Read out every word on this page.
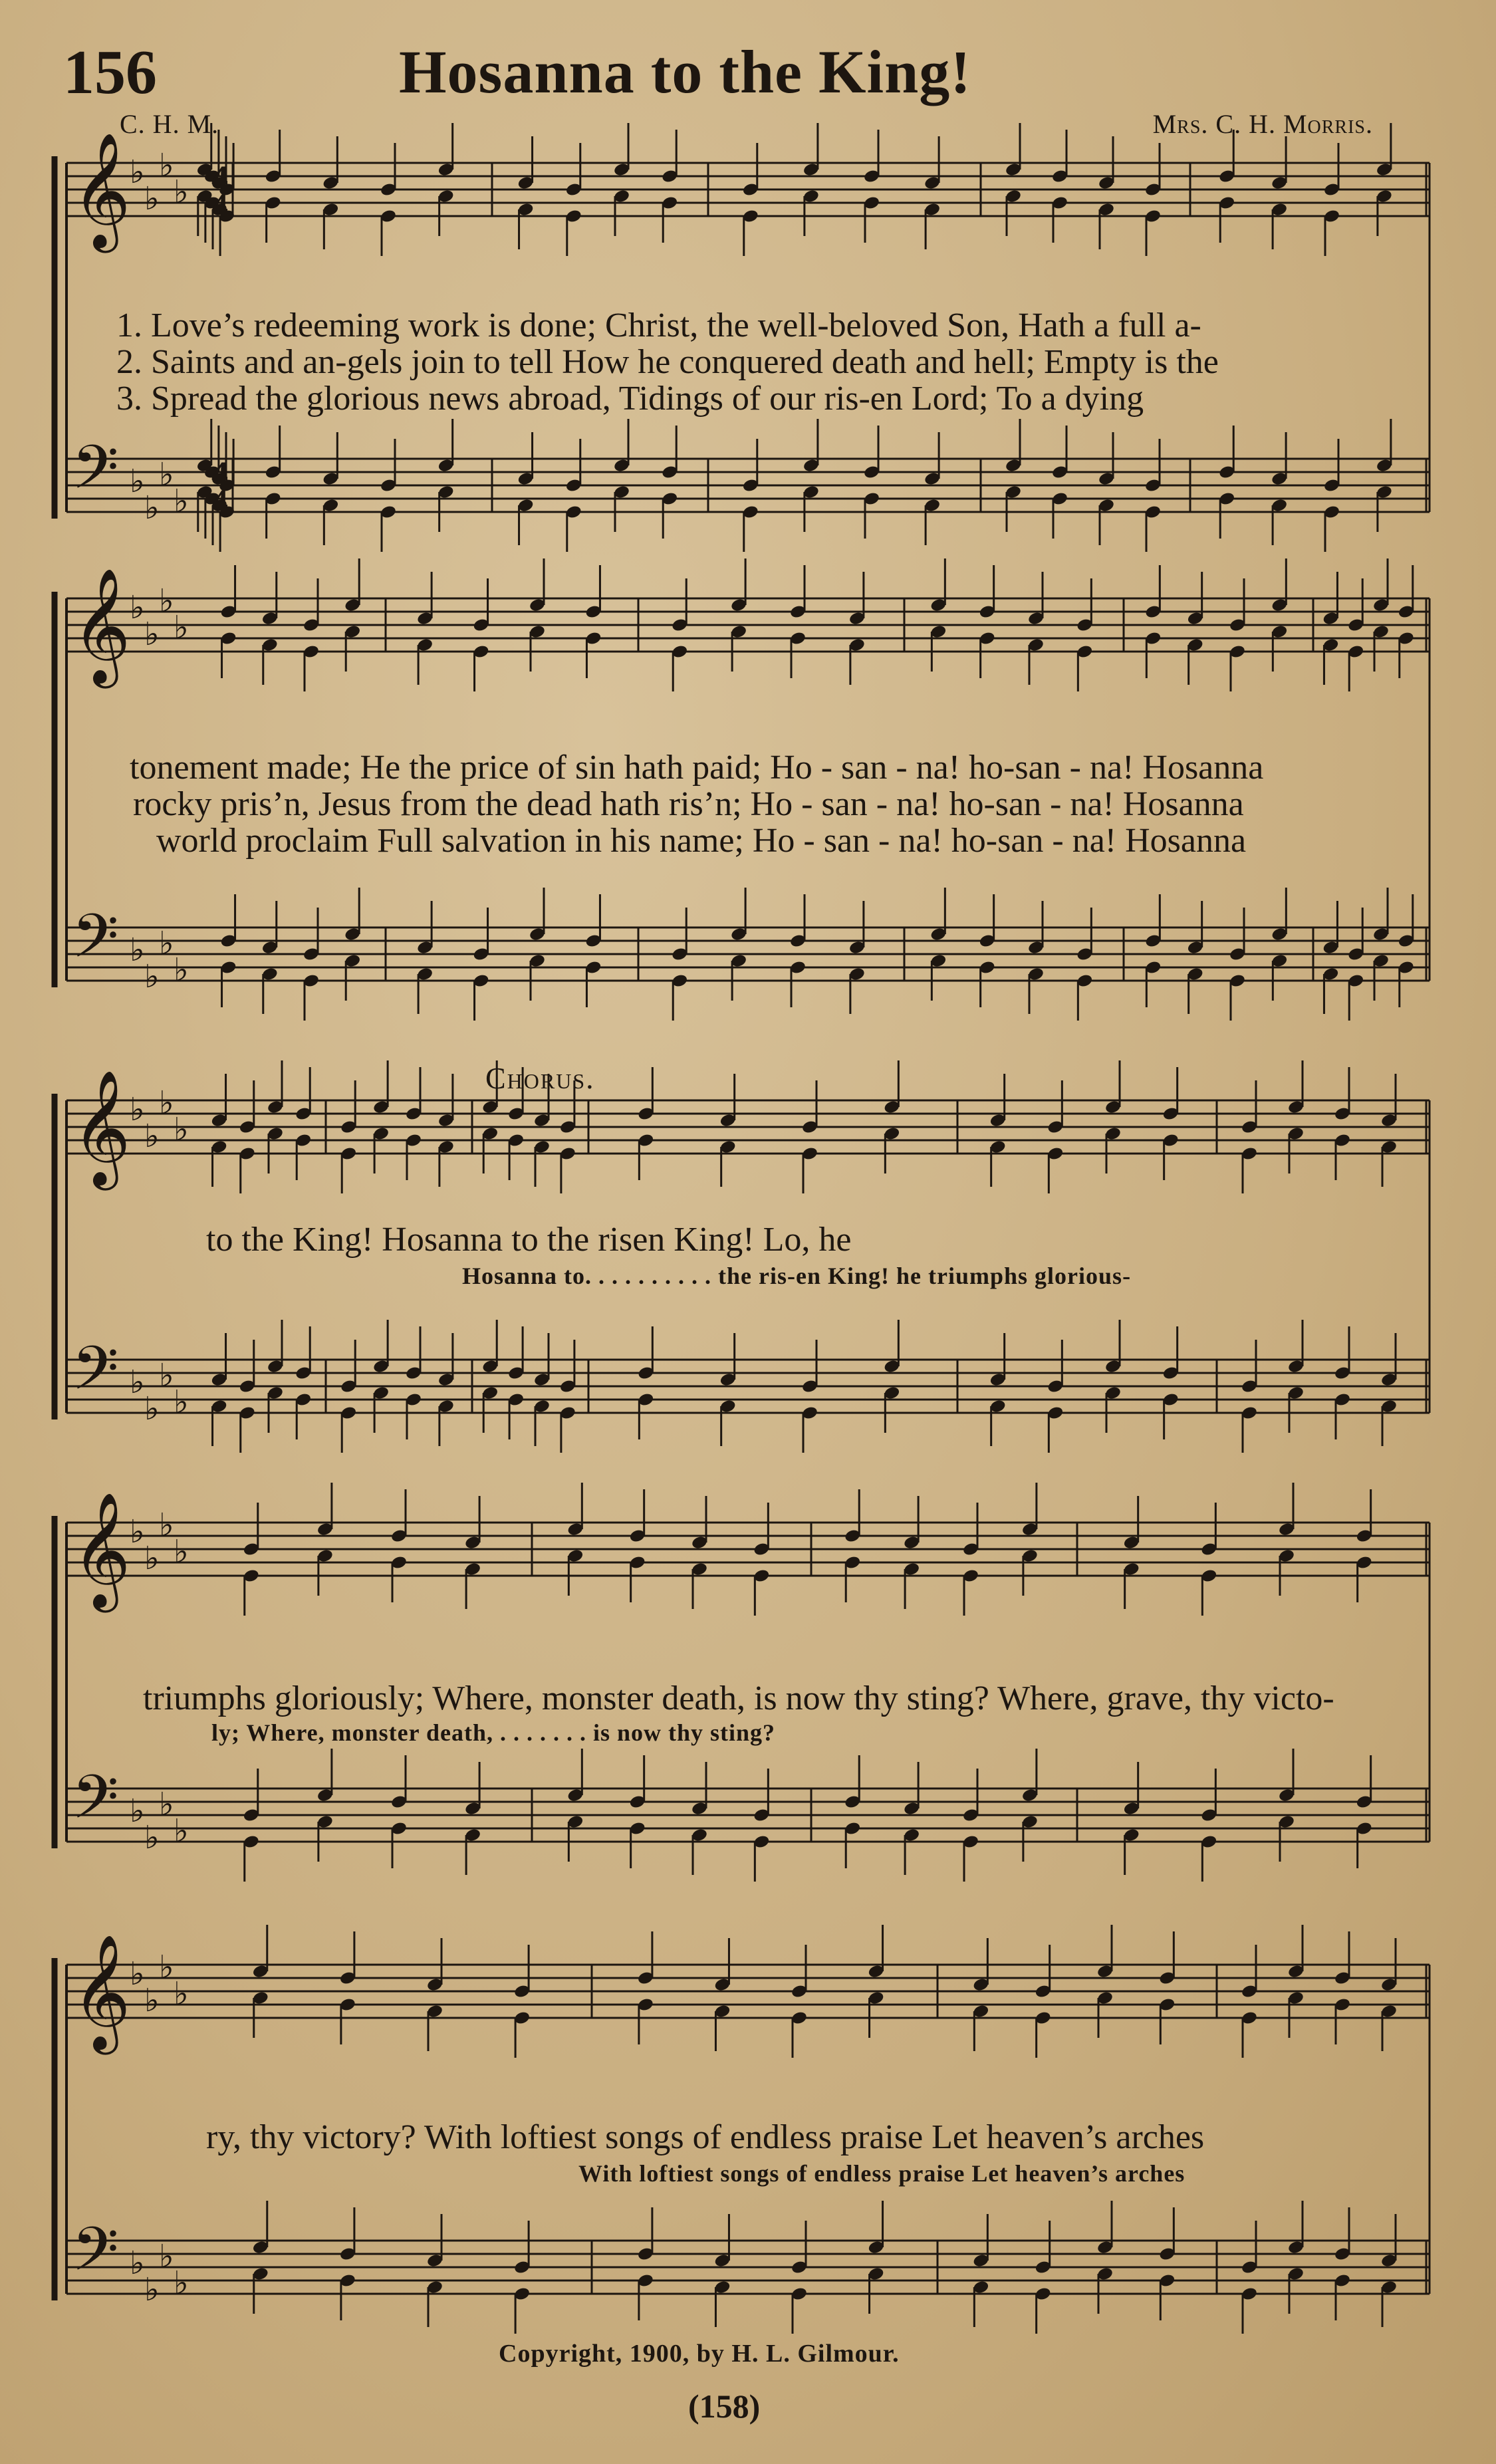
156	Hosanna to the King!
C. H. M.	Mrs. C. H. Morris.
𝄞
♭
♭
♭
♭
𝄢 ♭
♭
♭
♭
𝄞
♭
♭
♭
♭
𝄢 ♭
♭
♭
♭
𝄞
♭
♭
♭
♭
𝄢 ♭
♭
♭
♭
𝄞
♭
♭
♭
♭
𝄢 ♭
♭
♭
♭
𝄞
♭
♭
♭
♭
𝄢 ♭
♭
♭
♭
4
4
4
4
1. Love’s redeeming work is done; Christ, the well-beloved Son, Hath a full a-
2. Saints and an-gels join to tell How he conquered death and hell; Empty is the
3. Spread the glorious news abroad, Tidings of our ris-en Lord; To a dying
tonement made; He the price of sin hath paid; Ho - san - na! ho-san - na! Hosanna
rocky pris’n, Jesus from the dead hath ris’n; Ho - san - na! ho-san - na! Hosanna
world proclaim Full salvation in his name; Ho - san - na! ho-san - na! Hosanna
Chorus.
to the King! Hosanna to the risen King! Lo, he
Hosanna to. . . . . . . . . . the ris-en King! he triumphs glorious-
triumphs gloriously; Where, monster death, is now thy sting? Where, grave, thy victo-
ly; Where, monster death, . . . . . . . is now thy sting?
ry, thy victory? With loftiest songs of endless praise Let heaven’s arches
With loftiest songs of endless praise Let heaven’s arches
Copyright, 1900, by H. L. Gilmour.
(158)
